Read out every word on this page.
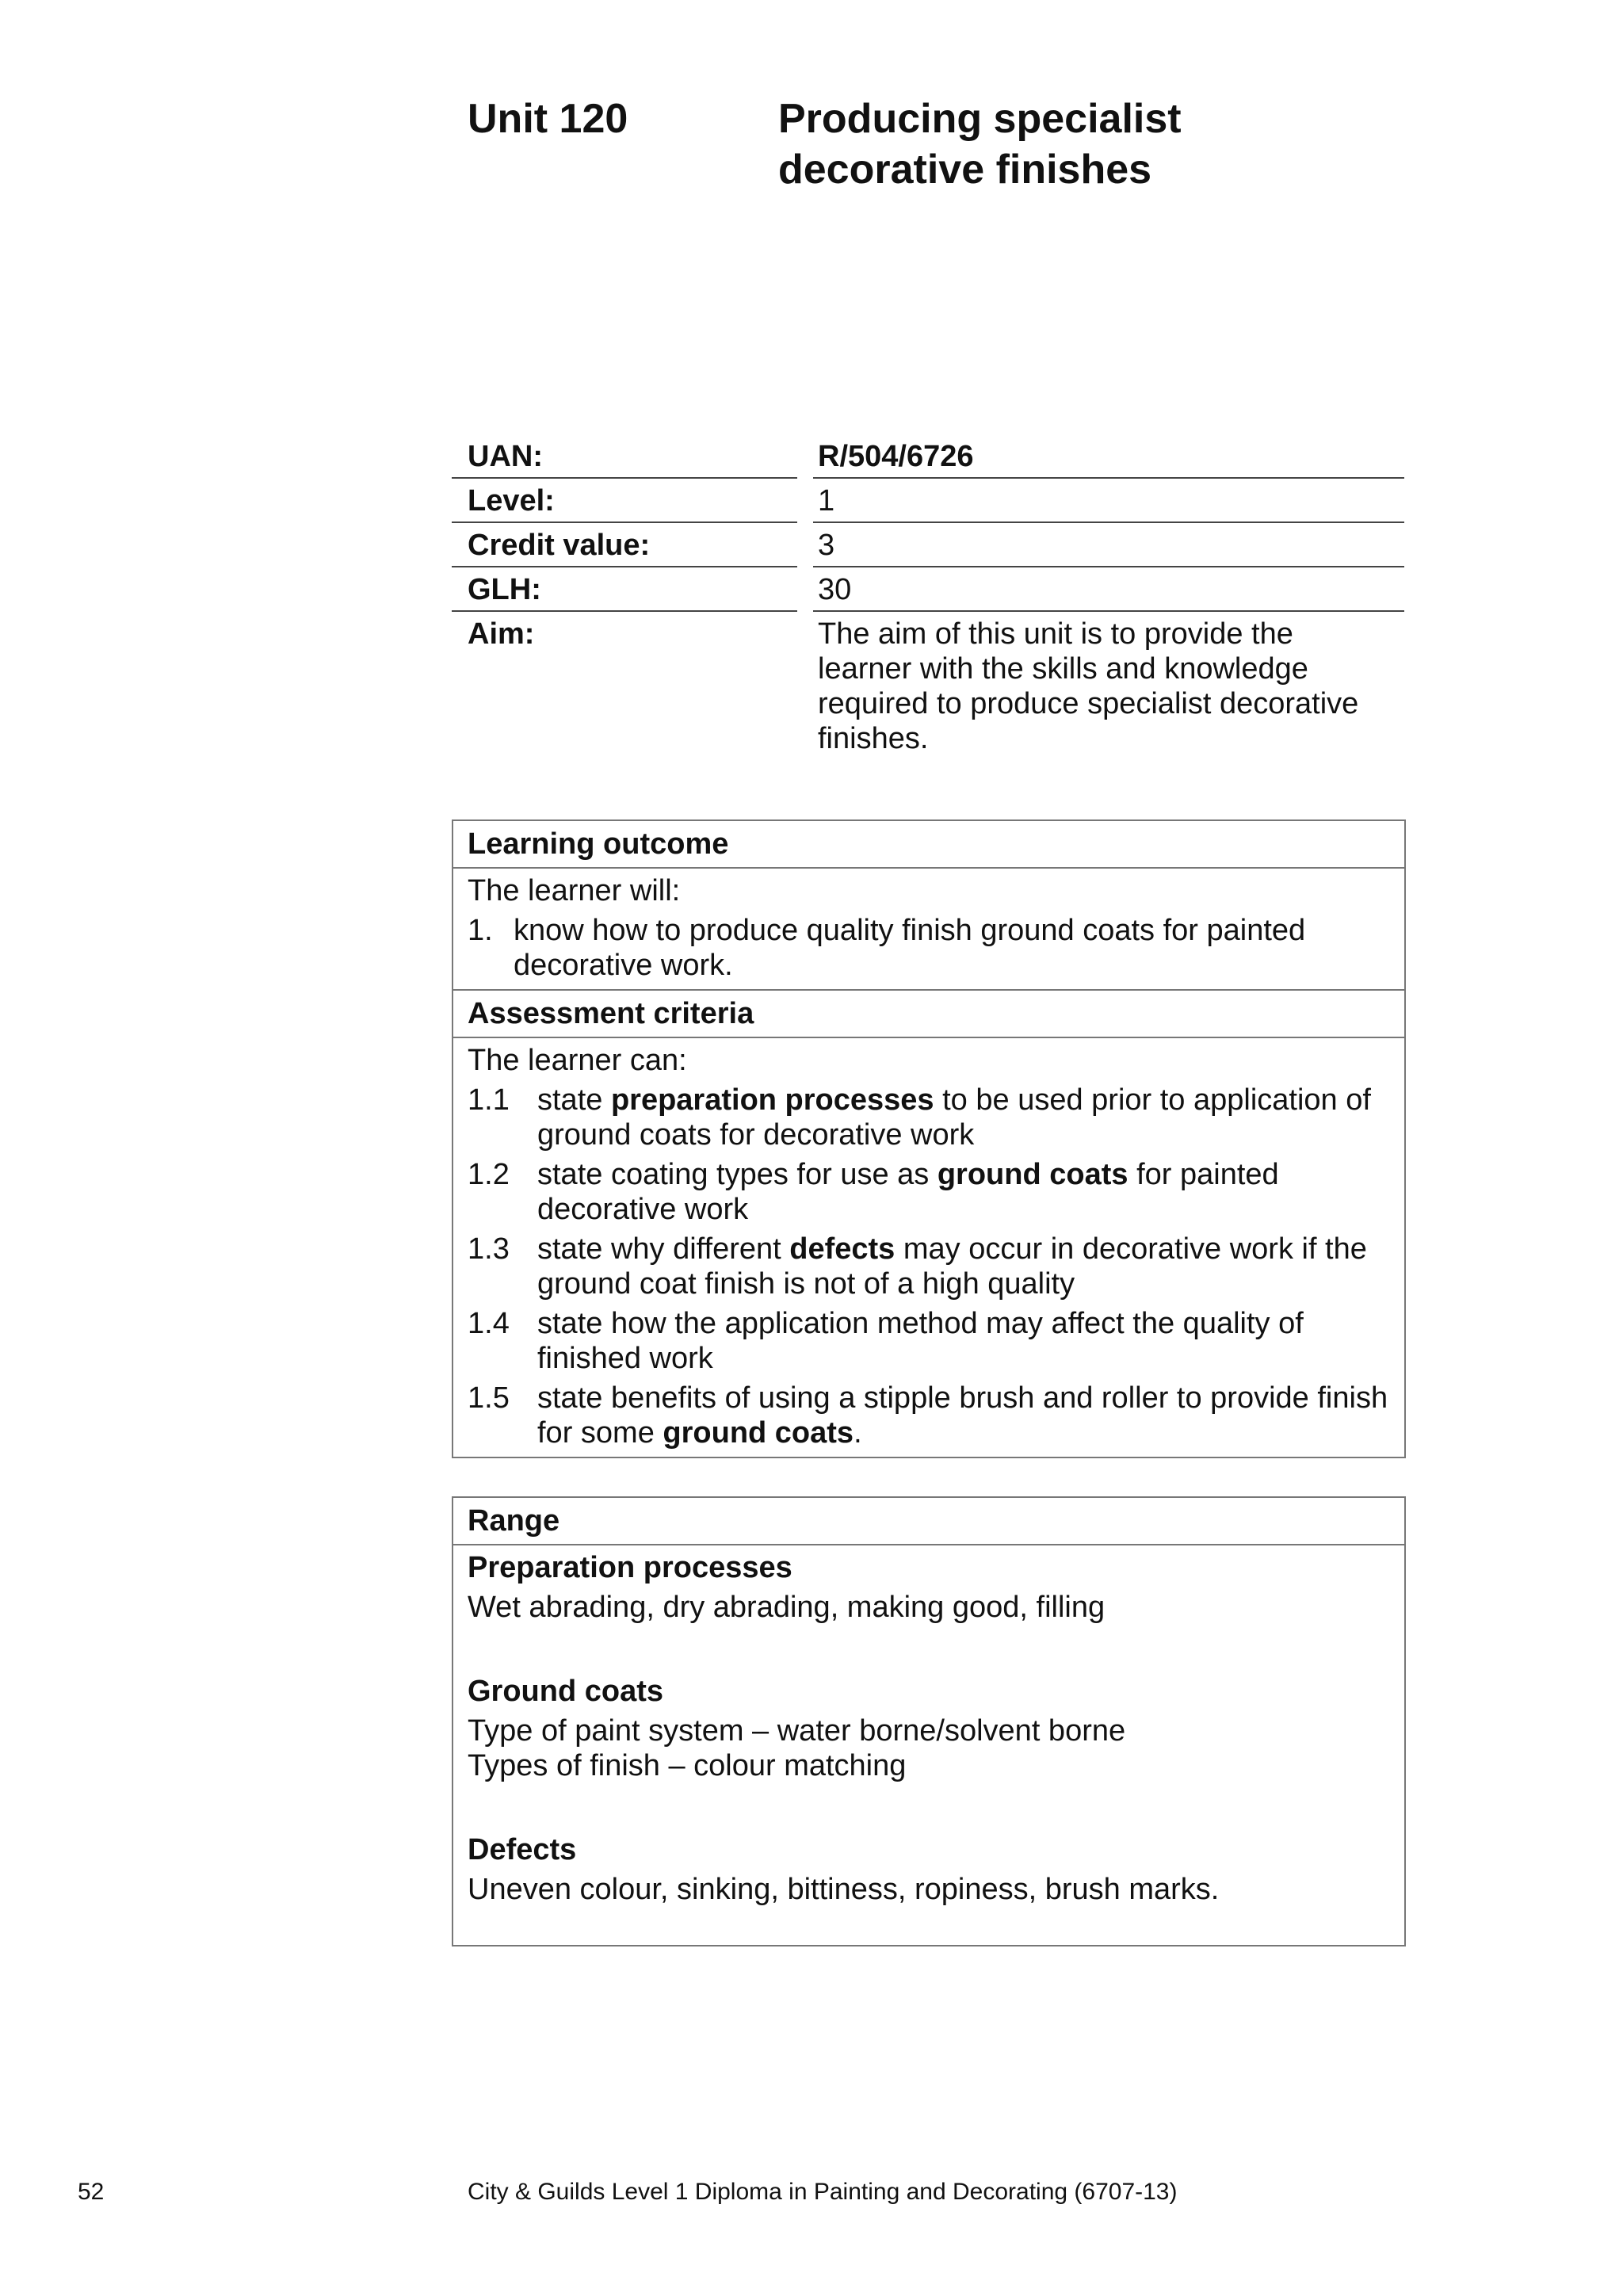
Unit 120	Producing specialist
decorative finishes
UAN:	R/504/6726
Level:	1
Credit value:	3
GLH:	30
Aim:	The aim of this unit is to provide the learner with the skills and knowledge required to produce specialist decorative finishes.
Learning outcome
The learner will:
1. know how to produce quality finish ground coats for painted decorative work.
Assessment criteria
The learner can:
1.1 state preparation processes to be used prior to application of ground coats for decorative work
1.2 state coating types for use as ground coats for painted decorative work
1.3 state why different defects may occur in decorative work if the ground coat finish is not of a high quality
1.4 state how the application method may affect the quality of finished work
1.5 state benefits of using a stipple brush and roller to provide finish for some ground coats.
Range
Preparation processes
Wet abrading, dry abrading, making good, filling
Ground coats
Type of paint system – water borne/solvent borne
Types of finish – colour matching
Defects
Uneven colour, sinking, bittiness, ropiness, brush marks.
52	City & Guilds Level 1 Diploma in Painting and Decorating (6707-13)
